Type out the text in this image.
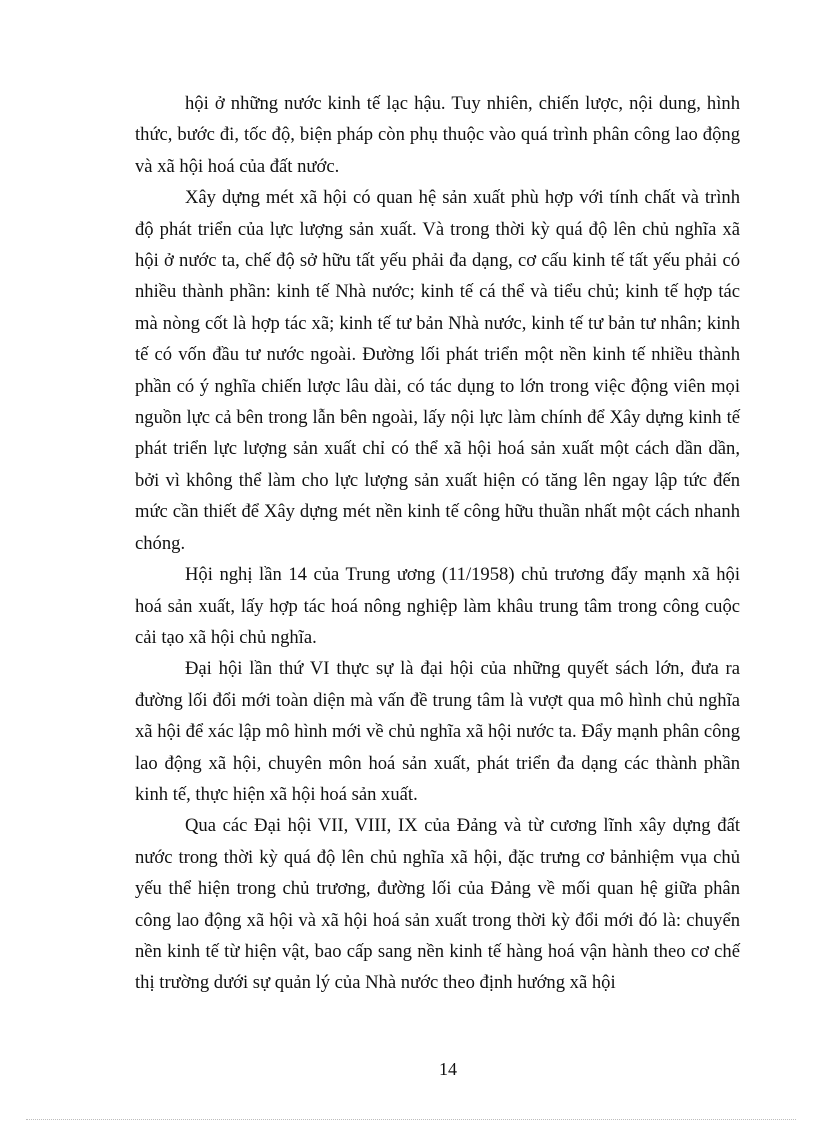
hội ở những nước kinh tế lạc hậu. Tuy nhiên, chiến lược, nội dung, hình thức, bước đi, tốc độ, biện pháp còn phụ thuộc vào quá trình phân công lao động và xã hội hoá của đất nước.

Xây dựng mét xã hội có quan hệ sản xuất phù hợp với tính chất và trình độ phát triển của lực lượng sản xuất. Và trong thời kỳ quá độ lên chủ nghĩa xã hội ở nước ta, chế độ sở hữu tất yếu phải đa dạng, cơ cấu kinh tế tất yếu phải có nhiều thành phần: kinh tế Nhà nước; kinh tế cá thể và tiểu chủ; kinh tế hợp tác mà nòng cốt là hợp tác xã; kinh tế tư bản Nhà nước, kinh tế tư bản tư nhân; kinh tế có vốn đầu tư nước ngoài. Đường lối phát triển một nền kinh tế nhiều thành phần có ý nghĩa chiến lược lâu dài, có tác dụng to lớn trong việc động viên mọi nguồn lực cả bên trong lẫn bên ngoài, lấy nội lực làm chính để Xây dựng kinh tế phát triển lực lượng sản xuất chỉ có thể xã hội hoá sản xuất một cách dần dần, bởi vì không thể làm cho lực lượng sản xuất hiện có tăng lên ngay lập tức đến mức cần thiết để Xây dựng mét nền kinh tế công hữu thuần nhất một cách nhanh chóng.

Hội nghị lần 14 của Trung ương (11/1958) chủ trương đẩy mạnh xã hội hoá sản xuất, lấy hợp tác hoá nông nghiệp làm khâu trung tâm trong công cuộc cải tạo xã hội chủ nghĩa.

Đại hội lần thứ VI thực sự là đại hội của những quyết sách lớn, đưa ra đường lối đổi mới toàn diện mà vấn đề trung tâm là vượt qua mô hình chủ nghĩa xã hội để xác lập mô hình mới về chủ nghĩa xã hội nước ta. Đẩy mạnh phân công lao động xã hội, chuyên môn hoá sản xuất, phát triển đa dạng các thành phần kinh tế, thực hiện xã hội hoá sản xuất.

Qua các Đại hội VII, VIII, IX của Đảng và từ cương lĩnh xây dựng đất nước trong thời kỳ quá độ lên chủ nghĩa xã hội, đặc trưng cơ bảnhiệm vụa chủ yếu thể hiện trong chủ trương, đường lối của Đảng về mối quan hệ giữa phân công lao động xã hội và xã hội hoá sản xuất trong thời kỳ đổi mới đó là: chuyển nền kinh tế từ hiện vật, bao cấp sang nền kinh tế hàng hoá vận hành theo cơ chế thị trường dưới sự quản lý của Nhà nước theo định hướng xã hội

14
